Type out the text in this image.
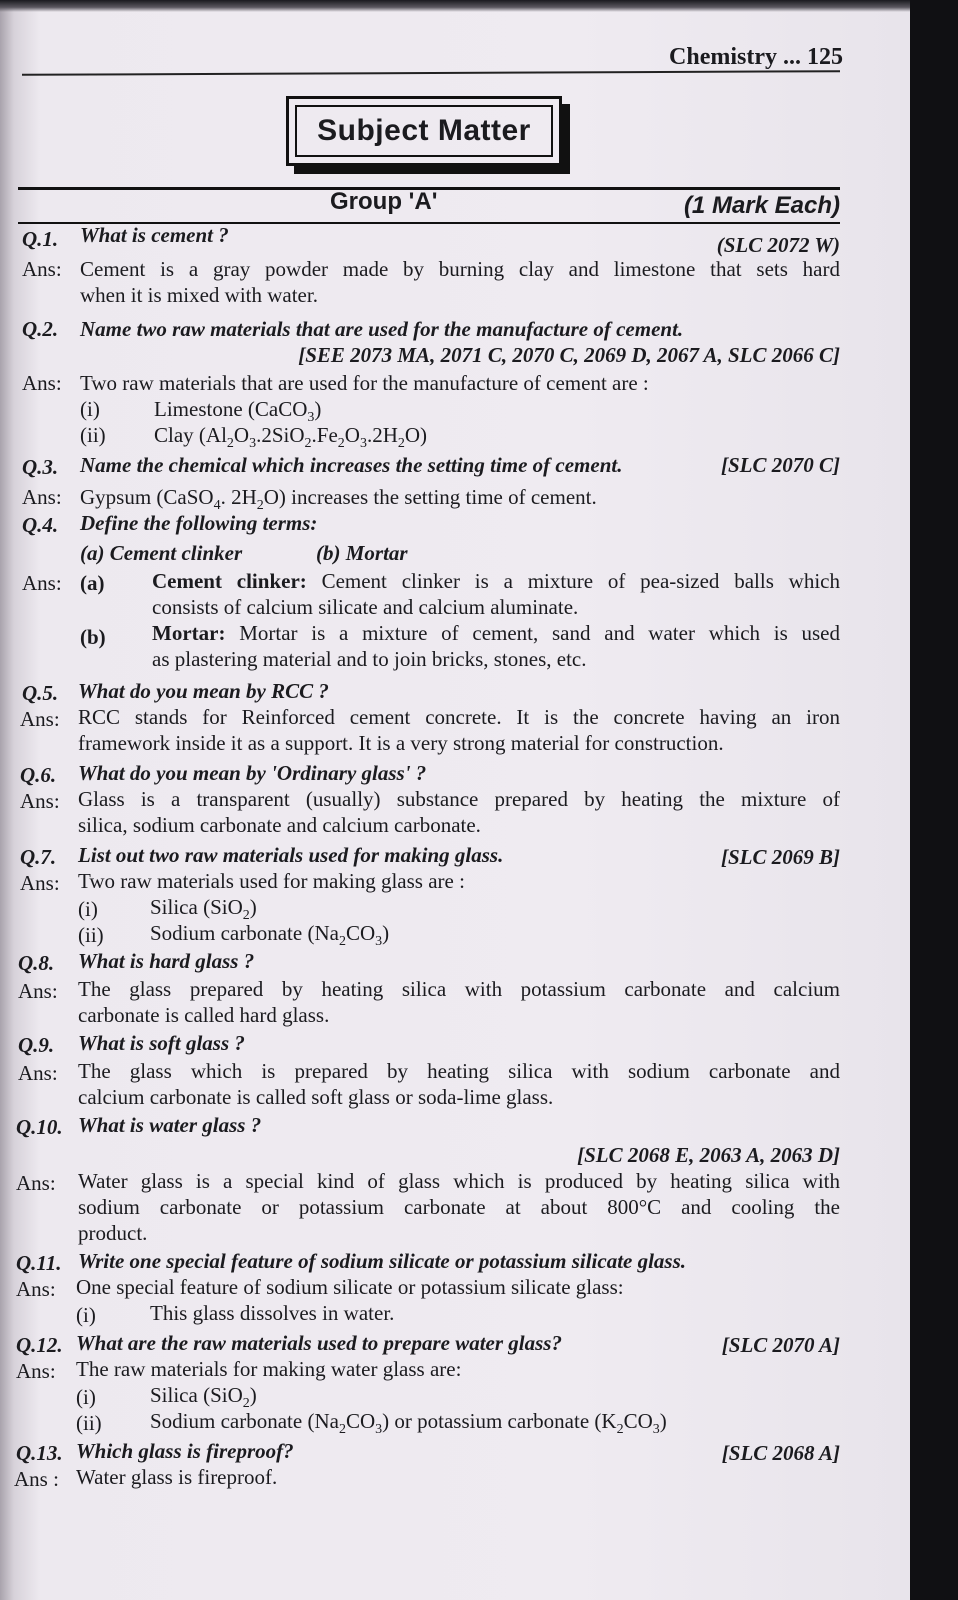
Chemistry ... 125
Subject Matter
Group 'A'	(1 Mark Each)
Q.1. What is cement ?	(SLC 2072 W)
Ans: Cement is a gray powder made by burning clay and limestone that sets hard
when it is mixed with water.
Q.2. Name two raw materials that are used for the manufacture of cement.
[SEE 2073 MA, 2071 C, 2070 C, 2069 D, 2067 A, SLC 2066 C]
Ans: Two raw materials that are used for the manufacture of cement are :
(i)	Limestone (CaCO$_3$)
(ii) Clay $(Al_2O_3.2SiO_2.Fe_2O_3.2H_2O)$
Q.3. Name the chemical which increases the setting time of cement.	[SLC 2070 C]
Ans: Gypsum (CaSO$_4$. $2H_2O$) increases the setting time of cement.
Q.4. Define the following terms:
(a) Cement clinker	(b) Mortar
Ans: (a) Cement clinker: Cement clinker is a mixture of pea-sized balls which
consists of calcium silicate and calcium aluminate.
(b) Mortar: Mortar is a mixture of cement, sand and water which is used
as plastering material and to join bricks, stones, etc.
Q.5. What do you mean by RCC ?
Ans: RCC stands for Reinforced cement concrete. It is the concrete having an iron
framework inside it as a support. It is a very strong material for construction.
Q.6. What do you mean by 'Ordinary glass' ?
Ans: Glass is a transparent (usually) substance prepared by heating the mixture of
silica, sodium carbonate and calcium carbonate.
Q.7. List out two raw materials used for making glass.	[SLC 2069 B]
Ans: Two raw materials used for making glass are :
(i) Silica (SiO$_2$)
(ii) Sodium carbonate $(Na_2CO_3)$
Q.8. What is hard glass ?
Ans: The glass prepared by heating silica with potassium carbonate and calcium
carbonate is called hard glass.
Q.9. What is soft glass ?
Ans: The glass which is prepared by heating silica with sodium carbonate and
calcium carbonate is called soft glass or soda-lime glass.
Q.10. What is water glass ?
[SLC 2068 E, 2063 A, 2063 D]
Ans: Water glass is a special kind of glass which is produced by heating silica with
sodium carbonate or potassium carbonate at about 800°C and cooling the
product.
Q.11. Write one special feature of sodium silicate or potassium silicate glass.
Ans: One special feature of sodium silicate or potassium silicate glass:
(i)	This glass dissolves in water.
Q.12. What are the raw materials used to prepare water glass?	[SLC 2070 A]
Ans: The raw materials for making water glass are:
(i)	Silica (SiO$_2$)
(ii) Sodium carbonate $(Na_2CO_3)$ or potassium carbonate $(K_2CO_3)$
Q.13. Which glass is fireproof?	[SLC 2068 A]
Ans : Water glass is fireproof.
